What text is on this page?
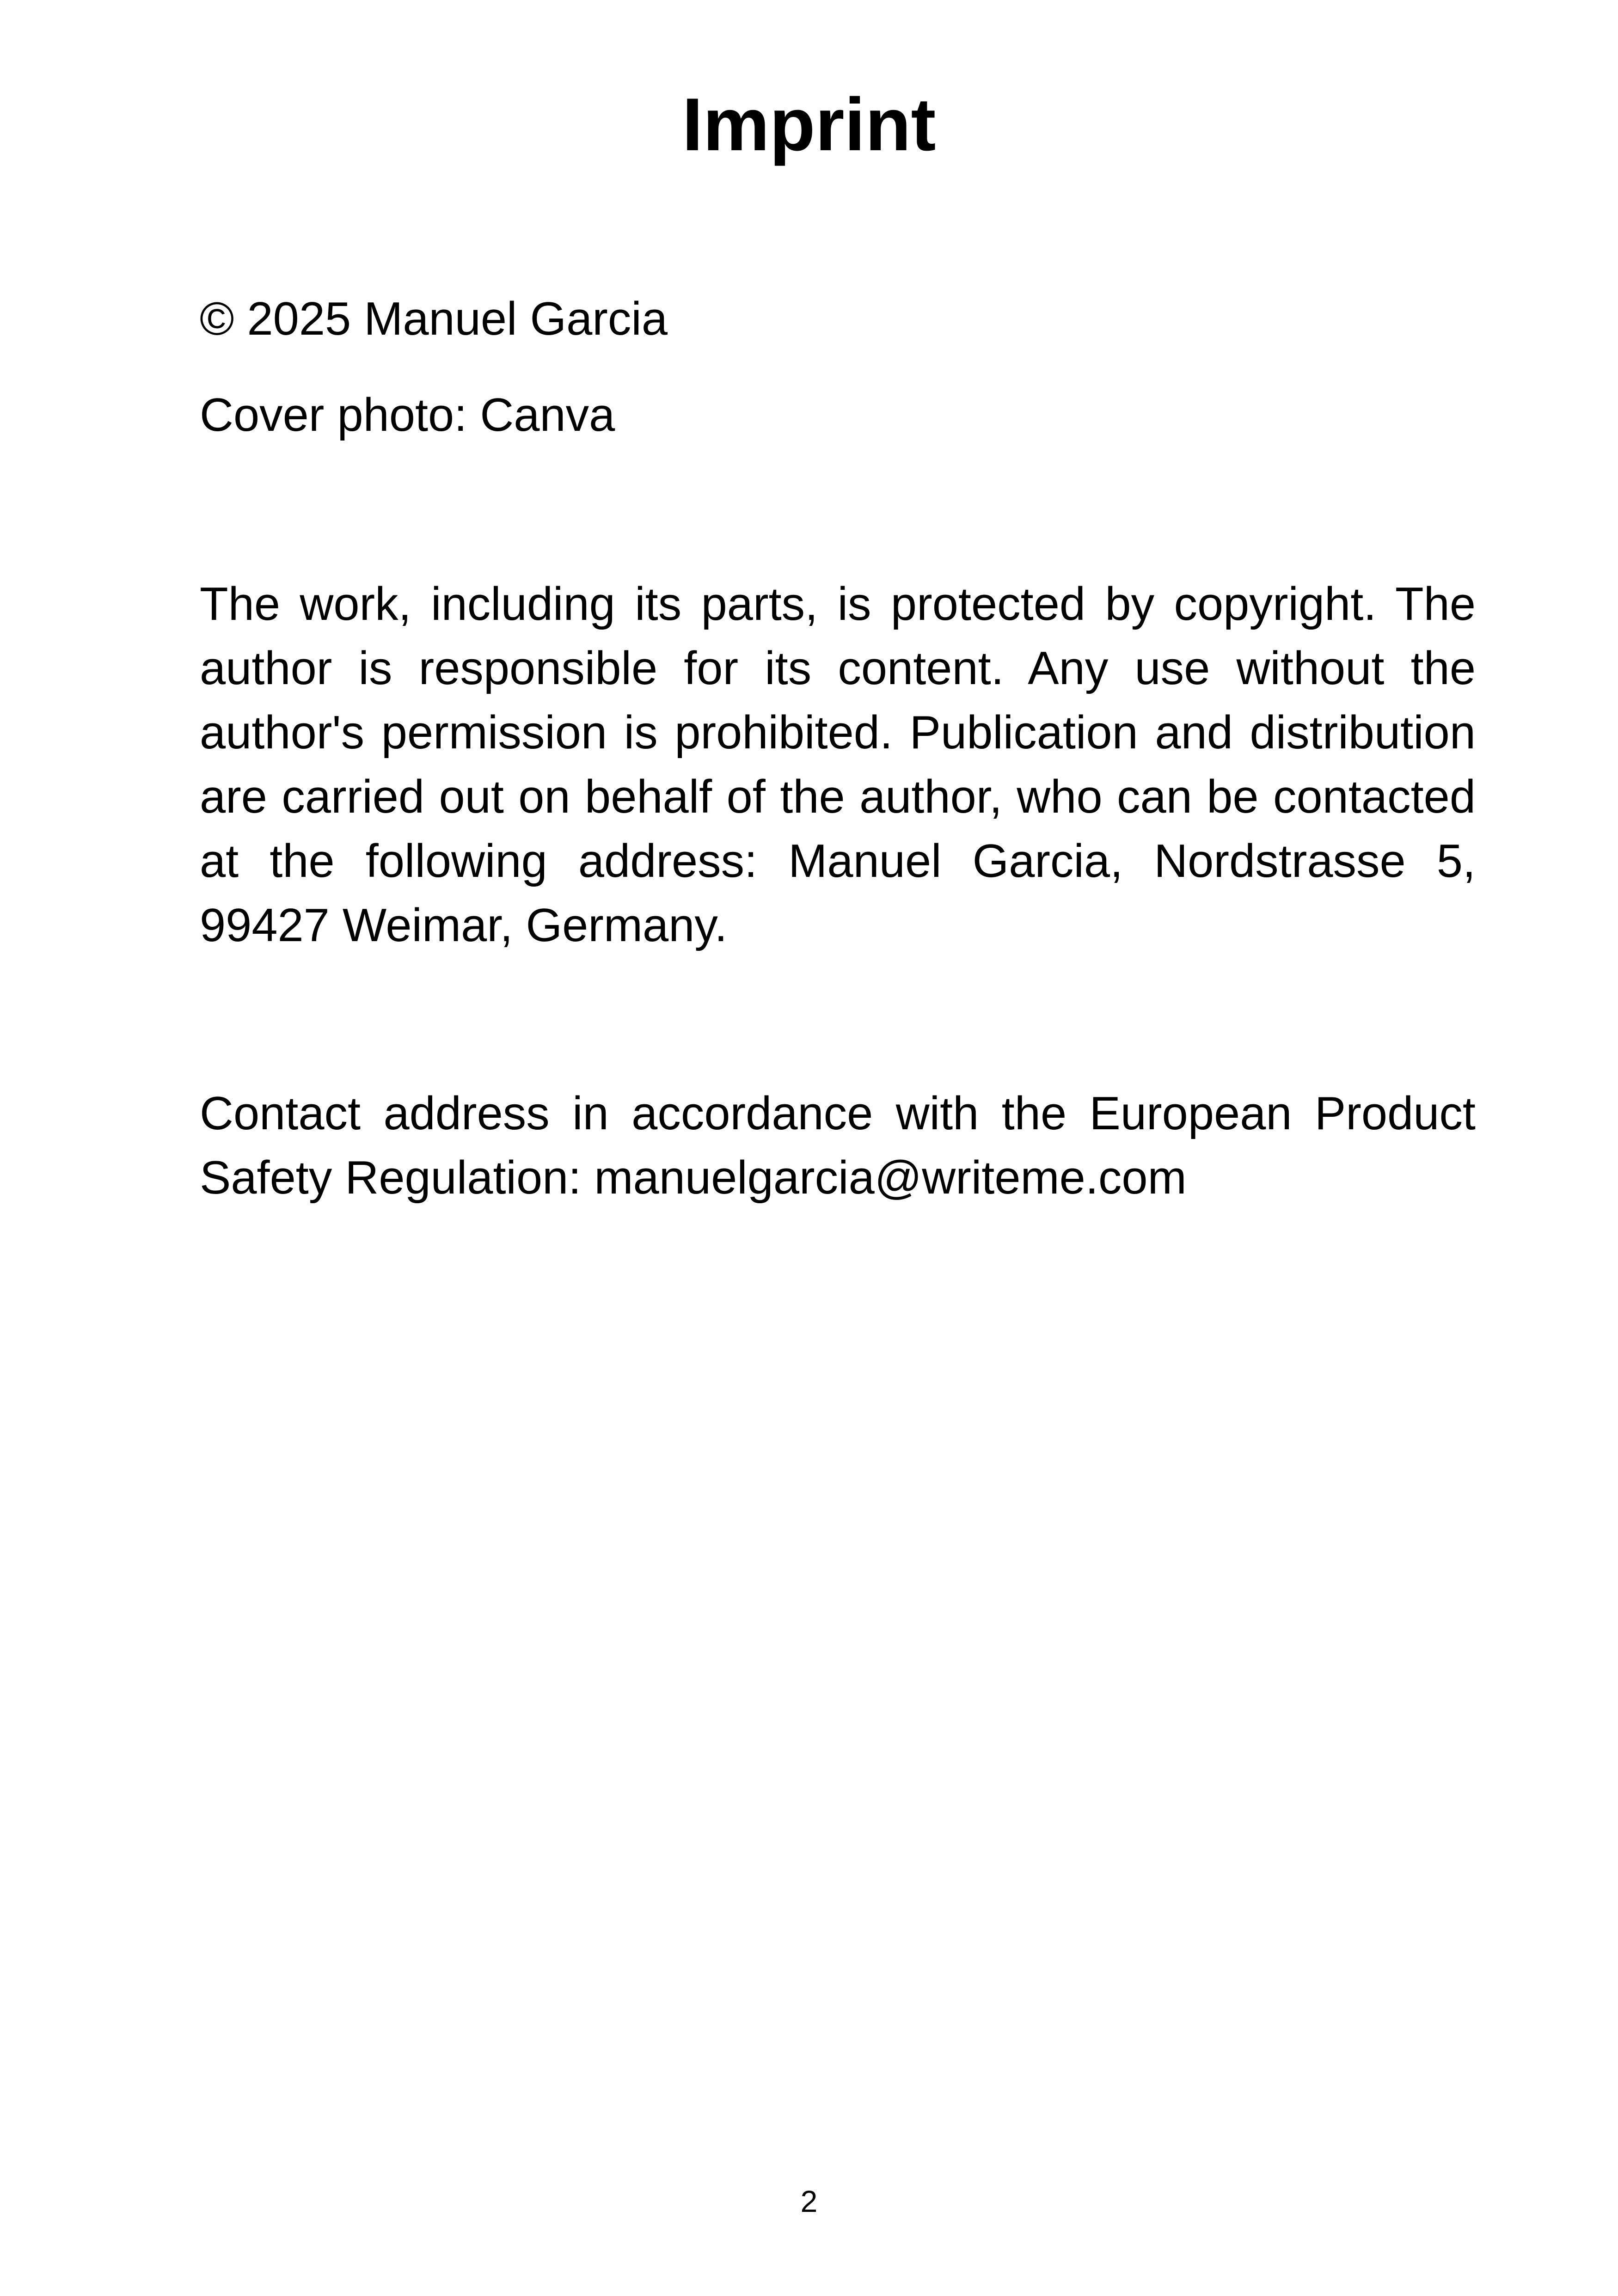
Imprint

© 2025 Manuel Garcia

Cover photo: Canva

The work, including its parts, is protected by copyright. The author is responsible for its content. Any use without the author's permission is prohibited. Publication and distribution are carried out on behalf of the author, who can be contacted at the following address: Manuel Garcia, Nordstrasse 5, 99427 Weimar, Germany.

Contact address in accordance with the European Product Safety Regulation: manuelgarcia@writeme.com

2
